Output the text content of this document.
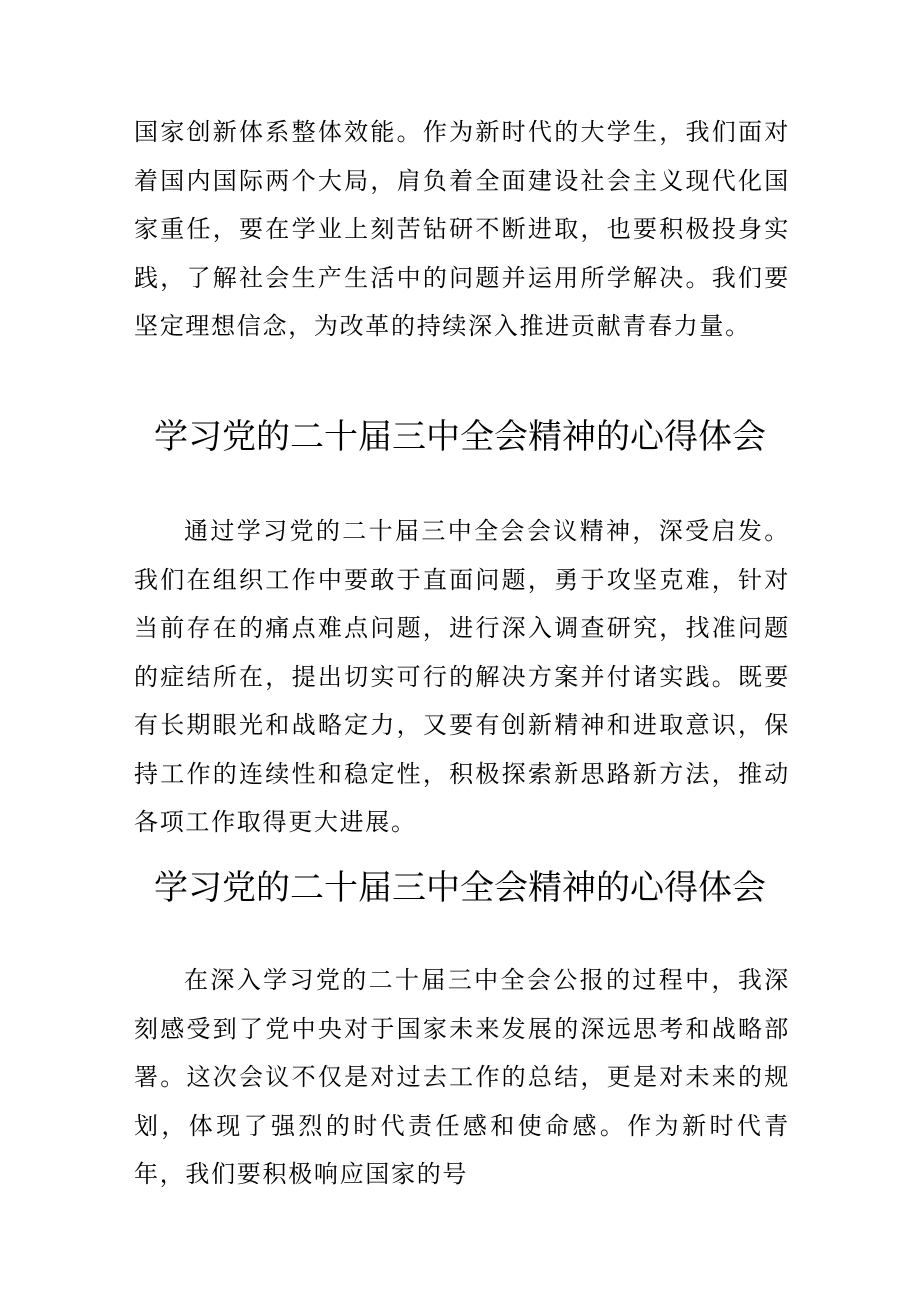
国家创新体系整体效能。作为新时代的大学生，我们面对着国内国际两个大局，肩负着全面建设社会主义现代化国家重任，要在学业上刻苦钻研不断进取，也要积极投身实践，了解社会生产生活中的问题并运用所学解决。我们要坚定理想信念，为改革的持续深入推进贡献青春力量。

学习党的二十届三中全会精神的心得体会

通过学习党的二十届三中全会会议精神，深受启发。我们在组织工作中要敢于直面问题，勇于攻坚克难，针对当前存在的痛点难点问题，进行深入调查研究，找准问题的症结所在，提出切实可行的解决方案并付诸实践。既要有长期眼光和战略定力，又要有创新精神和进取意识，保持工作的连续性和稳定性，积极探索新思路新方法，推动各项工作取得更大进展。

学习党的二十届三中全会精神的心得体会

在深入学习党的二十届三中全会公报的过程中，我深刻感受到了党中央对于国家未来发展的深远思考和战略部署。这次会议不仅是对过去工作的总结，更是对未来的规划，体现了强烈的时代责任感和使命感。作为新时代青年，我们要积极响应国家的号
